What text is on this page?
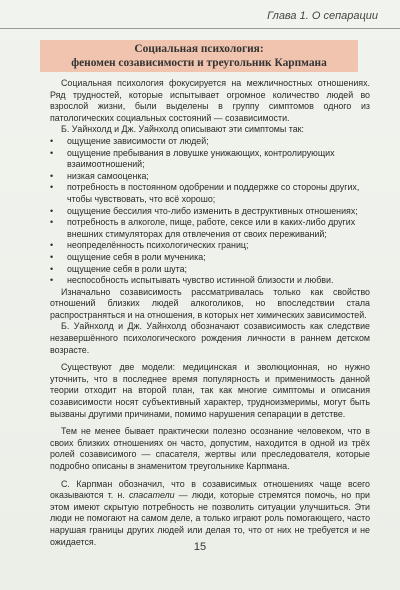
Глава 1. О сепарации
Социальная психология:
феномен созависимости и треугольник Карпмана

Социальная психология фокусируется на межличностных отношениях. Ряд трудностей, которые испытывает огромное количество людей во взрослой жизни, были выделены в группу симптомов одного из патологических социальных состояний — созависимости.

Б. Уайнхолд и Дж. Уайнхолд описывают эти симптомы так:

• ощущение зависимости от людей;
• ощущение пребывания в ловушке унижающих, контролирующих взаимоотношений;
• низкая самооценка;
• потребность в постоянном одобрении и поддержке со стороны других, чтобы чувствовать, что всё хорошо;
• ощущение бессилия что-либо изменить в деструктивных отношениях;
• потребность в алкоголе, пище, работе, сексе или в каких-либо других внешних стимуляторах для отвлечения от своих переживаний;
• неопределённость психологических границ;
• ощущение себя в роли мученика;
• ощущение себя в роли шута;
• неспособность испытывать чувство истинной близости и любви.

Изначально созависимость рассматривалась только как свойство отношений близких людей алкоголиков, но впоследствии стала распространяться и на отношения, в которых нет химических зависимостей.

Б. Уайнхолд и Дж. Уайнхолд обозначают созависимость как следствие незавершённого психологического рождения личности в раннем детском возрасте.

Существуют две модели: медицинская и эволюционная, но нужно уточнить, что в последнее время популярность и применимость данной теории отходит на второй план, так как многие симптомы и описания созависимости носят субъективный характер, трудноизмеримы, могут быть вызваны другими причинами, помимо нарушения сепарации в детстве.

Тем не менее бывает практически полезно осознание человеком, что в своих близких отношениях он часто, допустим, находится в одной из трёх ролей созависимого — спасателя, жертвы или преследователя, которые подробно описаны в знаменитом треугольнике Карпмана.

С. Карпман обозначил, что в созависимых отношениях чаще всего оказываются т. н. спасатели — люди, которые стремятся помочь, но при этом имеют скрытую потребность не позволить ситуации улучшиться. Эти люди не помогают на самом деле, а только играют роль помогающего, часто нарушая границы других людей или делая то, что от них не требуется и не ожидается.	15
